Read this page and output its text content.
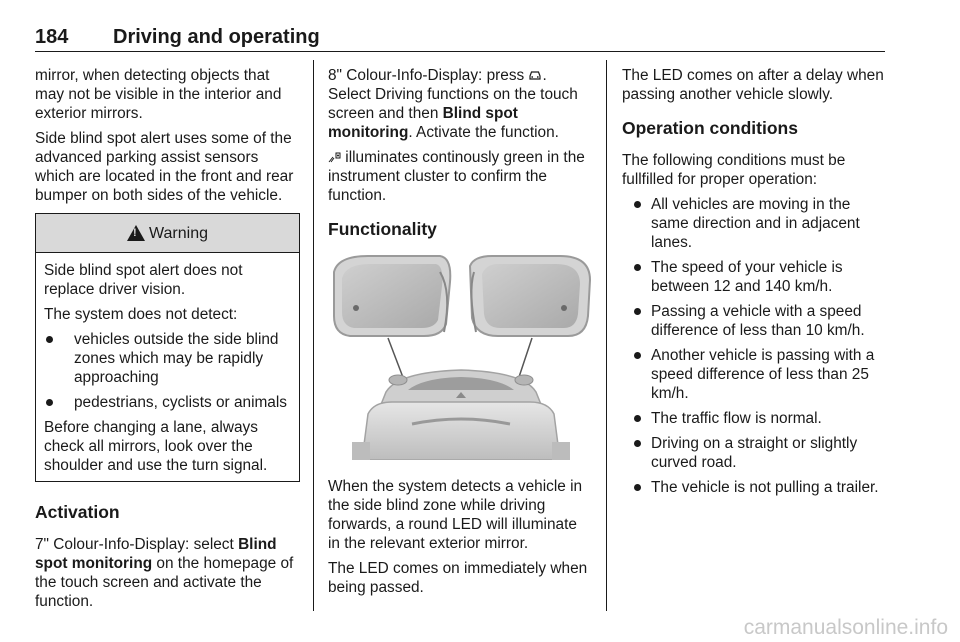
184 Driving and operating

mirror, when detecting objects that may not be visible in the interior and exterior mirrors.

Side blind spot alert uses some of the advanced parking assist sensors which are located in the front and rear bumper on both sides of the vehicle.

!
Warning

Side blind spot alert does not replace driver vision.

The system does not detect:

vehicles outside the side blind zones which may be rapidly approaching
pedestrians, cyclists or animals

Before changing a lane, always check all mirrors, look over the shoulder and use the turn signal.

Activation

7" Colour-Info-Display: select Blind spot monitoring on the homepage of the touch screen and activate the function.

8" Colour-Info-Display: press . Select Driving functions on the touch screen and then Blind spot monitoring. Activate the function.

illuminates continously green in the instrument cluster to confirm the function.

Functionality

When the system detects a vehicle in the side blind zone while driving forwards, a round LED will illuminate in the relevant exterior mirror.

The LED comes on immediately when being passed.

The LED comes on after a delay when passing another vehicle slowly.

Operation conditions

The following conditions must be fullfilled for proper operation:

All vehicles are moving in the same direction and in adjacent lanes.
The speed of your vehicle is between 12 and 140 km/h.
Passing a vehicle with a speed difference of less than 10 km/h.
Another vehicle is passing with a speed difference of less than 25 km/h.
The traffic flow is normal.
Driving on a straight or slightly curved road.
The vehicle is not pulling a trailer.
carmanualsonline.info
